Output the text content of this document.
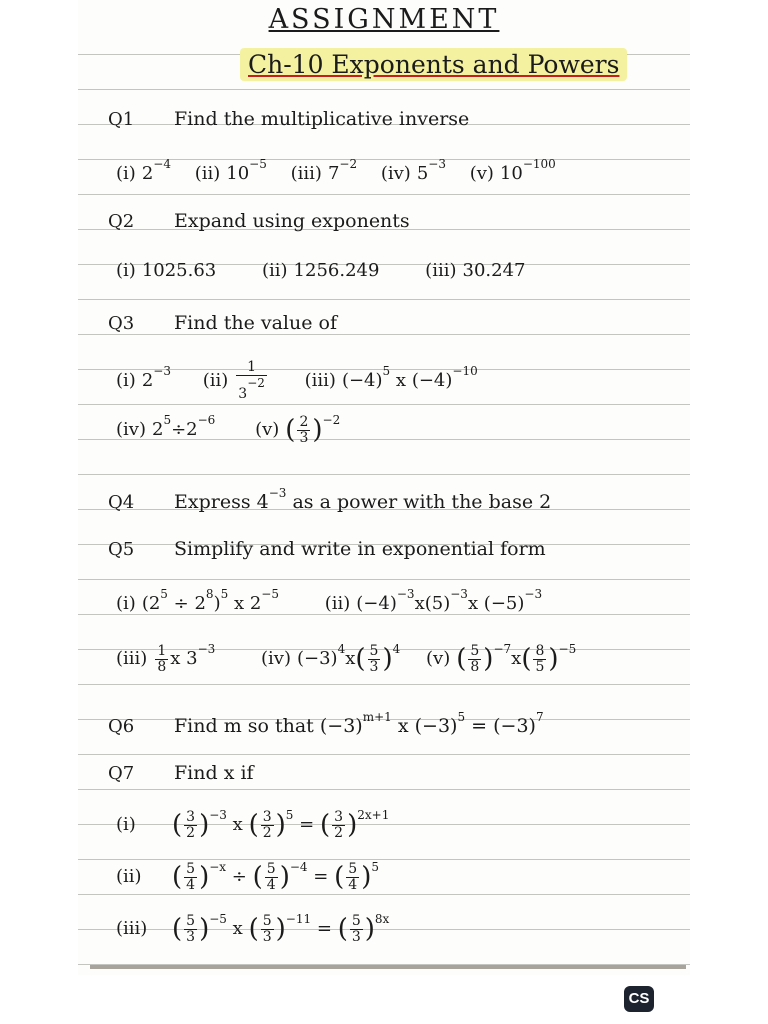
ASSIGNMENT
Ch-10 Exponents and Powers
Q1 Find the multiplicative inverse
(i) $2^{-4}$ (ii) $10^{-5}$ (iii) $7^{-2}$ (iv) $5^{-3}$ (v) $10^{-100}$
Q2 Expand using exponents
(i) 1025.63	(ii) 1256.249	(iii) 30.247
Q3 Find the value of
(i) $2^{-3}$ $(ii) \frac{1}{3^{-2}} (iii)$ $(-4)^5$ x $(-4)^{-10}$
(iv) $2^5\div 2^{-6}$ (v) ( $\frac{2}{3} )^{-2}$
Q4 Express $4^{-3}$ as a power with the base 2
Q5 Simplify and write in exponential form
(i) $(2^5 \div 2^8)^5$ x $2^{-5}$	(ii) $(-4)^{-3}x(5)^{-3}x$ $(-5)^{-3}$
$(iii) \frac{1}{8}$ x $3^{-3}$	(iv) $(-3)^4x( \frac{5}{3} )^4$ (v) ( $\frac{5}{8} )^{-7}x( \frac{8}{5} )^{-5}$
Q6 Find m so that $(-3)^{m+1}$ x $(-3)^5 = (-3)^7$
Q7 Find x if
(i) ( $\frac{3}{2} )^{-3}$ x ( $\frac{3}{2} )^5$ = ( $\frac{3}{2} )^{2x+1}$
(ii) ( $\frac{5}{4} )^{-x}$ ÷ ( $\frac{5}{4} )^{-4}$ = ( $\frac{5}{4} )^5$
(iii) ( $\frac{5}{3} )^{-5}$ x ( $\frac{5}{3} )^{-11}$ = ( $\frac{5}{3} )^{8x}$
CS
